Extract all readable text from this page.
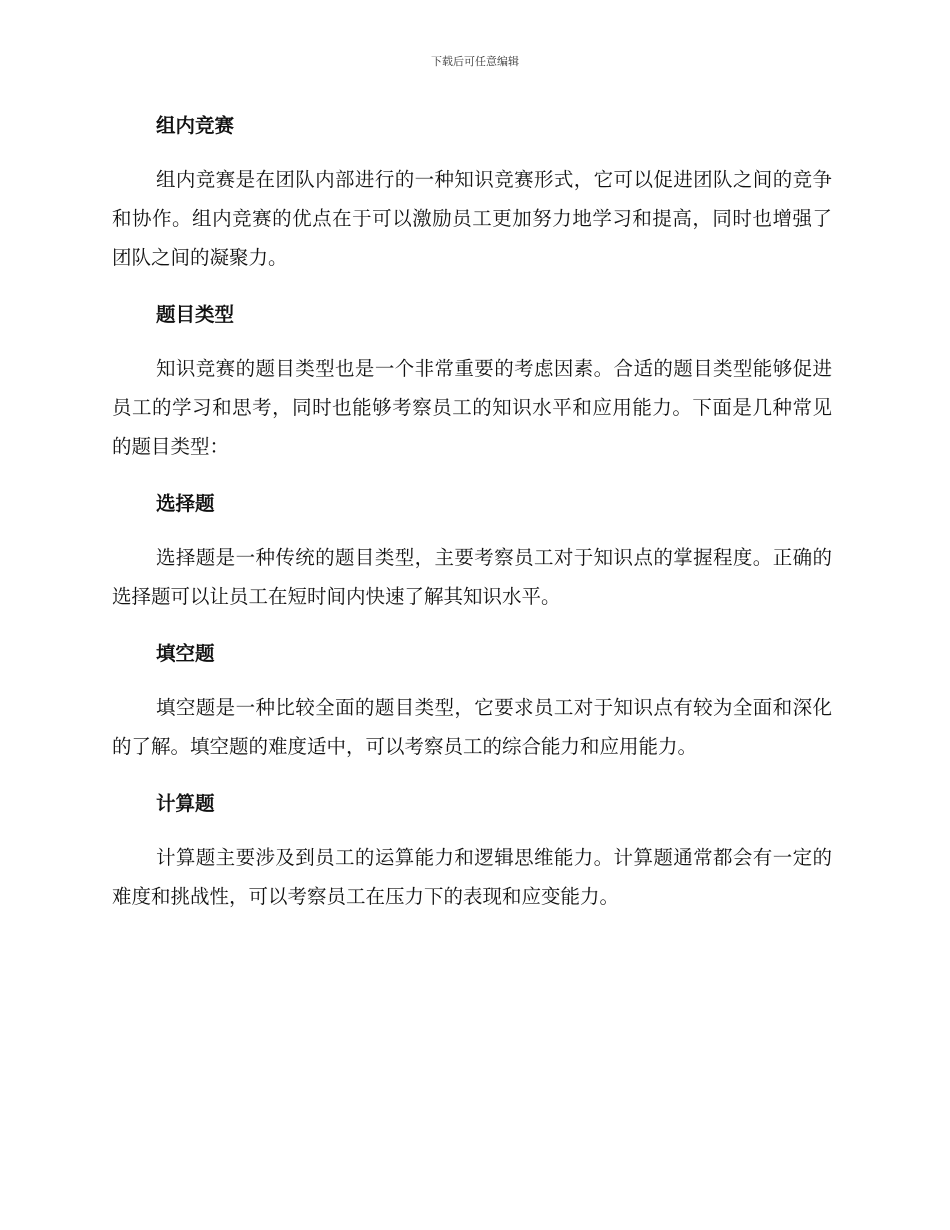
下载后可任意编辑
组内竞赛

组内竞赛是在团队内部进行的一种知识竞赛形式，它可以促进团队之间的竞争和协作。组内竞赛的优点在于可以激励员工更加努力地学习和提高，同时也增强了团队之间的凝聚力。

题目类型

知识竞赛的题目类型也是一个非常重要的考虑因素。合适的题目类型能够促进员工的学习和思考，同时也能够考察员工的知识水平和应用能力。下面是几种常见的题目类型：

选择题

选择题是一种传统的题目类型，主要考察员工对于知识点的掌握程度。正确的选择题可以让员工在短时间内快速了解其知识水平。

填空题

填空题是一种比较全面的题目类型，它要求员工对于知识点有较为全面和深化的了解。填空题的难度适中，可以考察员工的综合能力和应用能力。

计算题

计算题主要涉及到员工的运算能力和逻辑思维能力。计算题通常都会有一定的难度和挑战性，可以考察员工在压力下的表现和应变能力。
